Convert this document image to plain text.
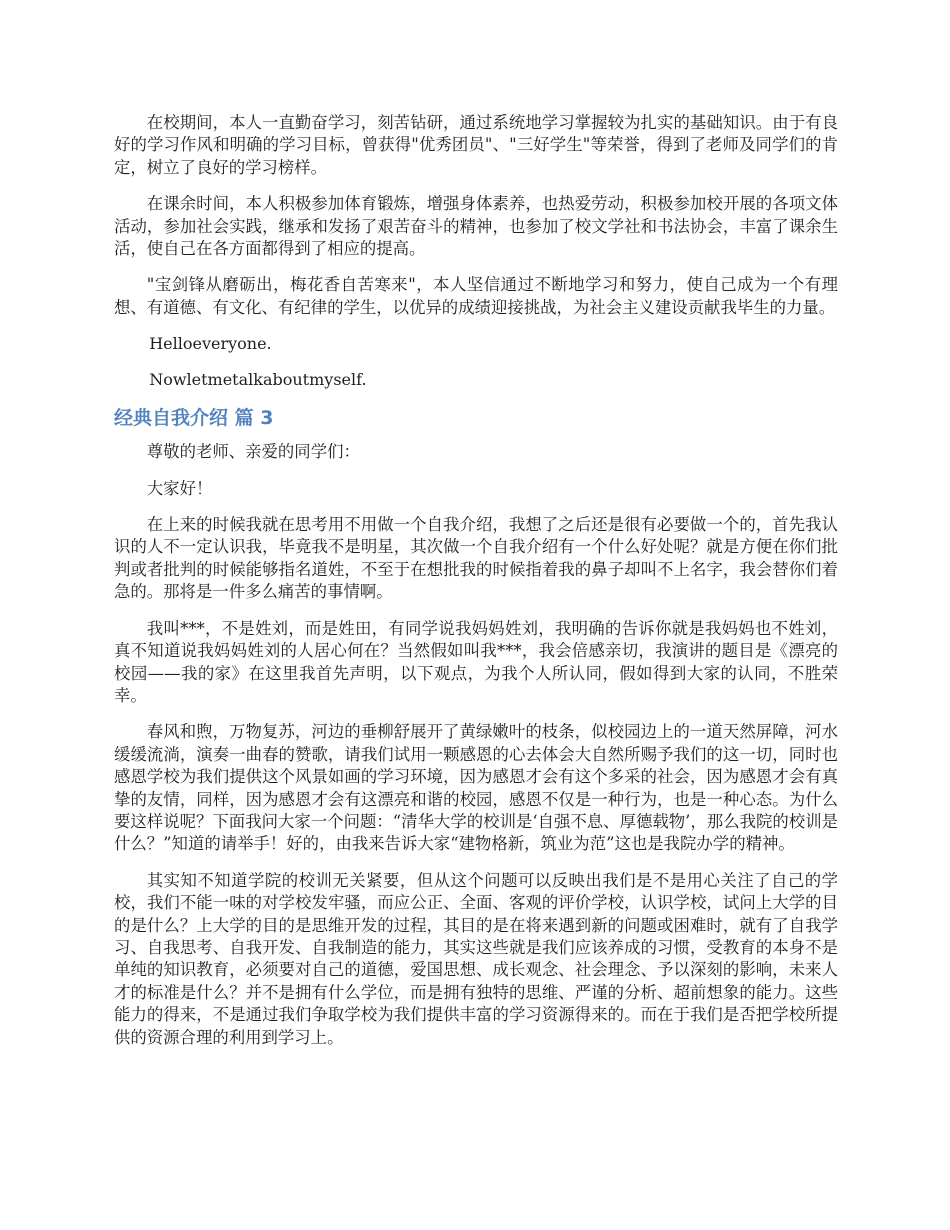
在校期间，本人一直勤奋学习，刻苦钻研，通过系统地学习掌握较为扎实的基础知识。由于有良好的学习作风和明确的学习目标，曾获得"优秀团员"、"三好学生"等荣誉，得到了老师及同学们的肯定，树立了良好的学习榜样。

在课余时间，本人积极参加体育锻炼，增强身体素养，也热爱劳动，积极参加校开展的各项文体活动，参加社会实践，继承和发扬了艰苦奋斗的精神，也参加了校文学社和书法协会，丰富了课余生活，使自己在各方面都得到了相应的提高。

"宝剑锋从磨砺出，梅花香自苦寒来"，本人坚信通过不断地学习和努力，使自己成为一个有理想、有道德、有文化、有纪律的学生，以优异的成绩迎接挑战，为社会主义建设贡献我毕生的力量。

Helloeveryone.

Nowletmetalkaboutmyself.

经典自我介绍 篇 3

尊敬的老师、亲爱的同学们：

大家好！

在上来的时候我就在思考用不用做一个自我介绍，我想了之后还是很有必要做一个的，首先我认识的人不一定认识我，毕竟我不是明星，其次做一个自我介绍有一个什么好处呢？就是方便在你们批判或者批判的时候能够指名道姓，不至于在想批我的时候指着我的鼻子却叫不上名字，我会替你们着急的。那将是一件多么痛苦的事情啊。

我叫***，不是姓刘，而是姓田，有同学说我妈妈姓刘，我明确的告诉你就是我妈妈也不姓刘，真不知道说我妈妈姓刘的人居心何在？当然假如叫我***，我会倍感亲切，我演讲的题目是《漂亮的校园——我的家》在这里我首先声明，以下观点，为我个人所认同，假如得到大家的认同，不胜荣幸。

春风和煦，万物复苏，河边的垂柳舒展开了黄绿嫩叶的枝条，似校园边上的一道天然屏障，河水缓缓流淌，演奏一曲春的赞歌，请我们试用一颗感恩的心去体会大自然所赐予我们的这一切，同时也感恩学校为我们提供这个风景如画的学习环境，因为感恩才会有这个多采的社会，因为感恩才会有真挚的友情，同样，因为感恩才会有这漂亮和谐的校园，感恩不仅是一种行为，也是一种心态。为什么要这样说呢？下面我问大家一个问题：“清华大学的校训是‘自强不息、厚德载物’，那么我院的校训是什么？”知道的请举手！好的，由我来告诉大家“建物格新，筑业为范”这也是我院办学的精神。

其实知不知道学院的校训无关紧要，但从这个问题可以反映出我们是不是用心关注了自己的学校，我们不能一味的对学校发牢骚，而应公正、全面、客观的评价学校，认识学校，试问上大学的目的是什么？上大学的目的是思维开发的过程，其目的是在将来遇到新的问题或困难时，就有了自我学习、自我思考、自我开发、自我制造的能力，其实这些就是我们应该养成的习惯，受教育的本身不是单纯的知识教育，必须要对自己的道德，爱国思想、成长观念、社会理念、予以深刻的影响，未来人才的标准是什么？并不是拥有什么学位，而是拥有独特的思维、严谨的分析、超前想象的能力。这些能力的得来，不是通过我们争取学校为我们提供丰富的学习资源得来的。而在于我们是否把学校所提供的资源合理的利用到学习上。
